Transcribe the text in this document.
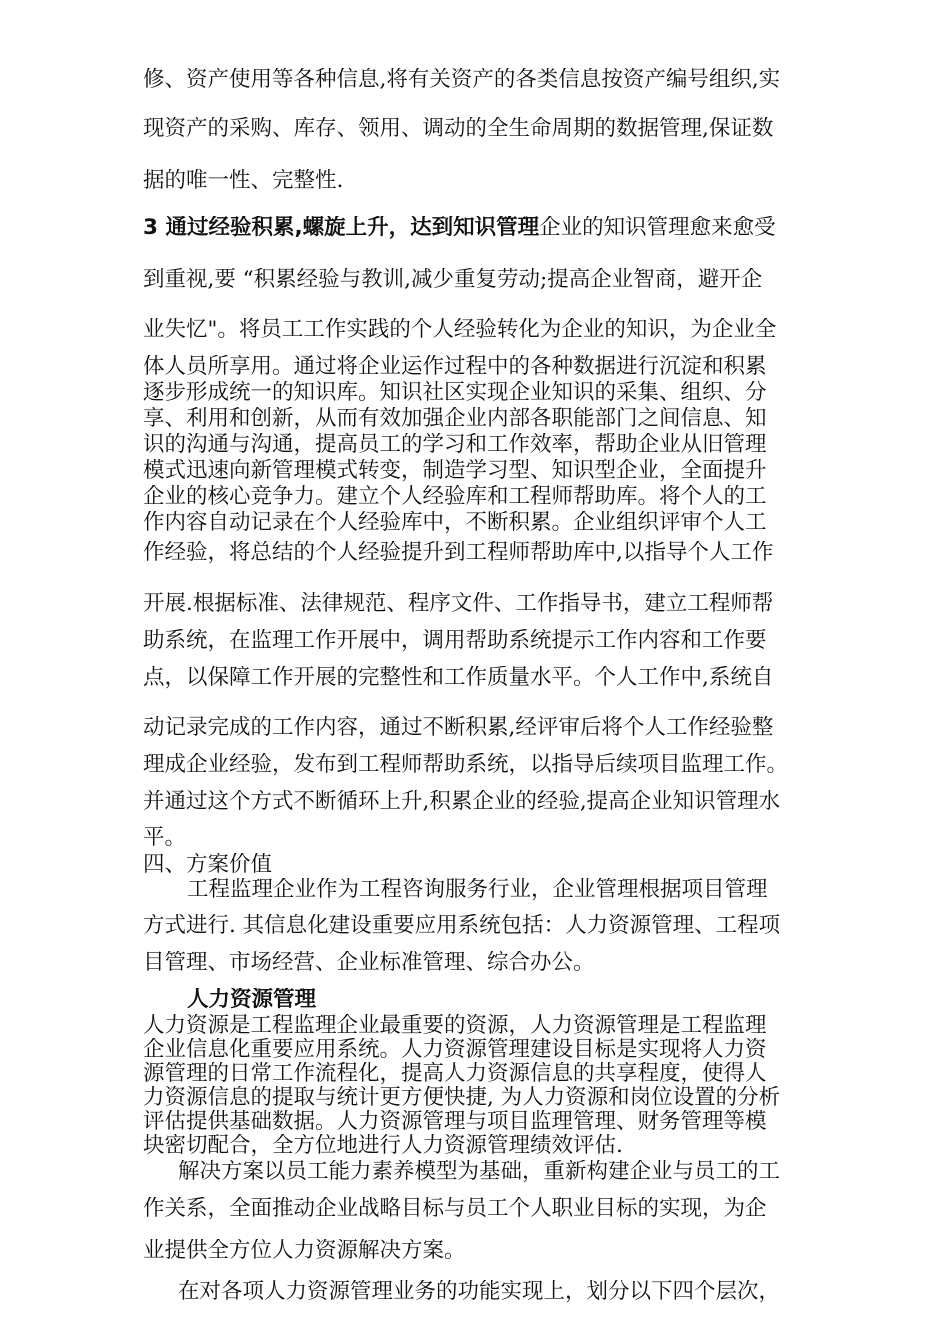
修、资产使用等各种信息,将有关资产的各类信息按资产编号组织,实
现资产的采购、库存、领用、调动的全生命周期的数据管理,保证数
据的唯一性、完整性.
3 通过经验积累,螺旋上升，达到知识管理企业的知识管理愈来愈受
到重视,要 “积累经验与教训,减少重复劳动;提高企业智商，避开企
业失忆"。将员工工作实践的个人经验转化为企业的知识，为企业全
体人员所享用。通过将企业运作过程中的各种数据进行沉淀和积累
逐步形成统一的知识库。知识社区实现企业知识的采集、组织、分
享、利用和创新，从而有效加强企业内部各职能部门之间信息、知
识的沟通与沟通，提高员工的学习和工作效率，帮助企业从旧管理
模式迅速向新管理模式转变，制造学习型、知识型企业，全面提升
企业的核心竞争力。建立个人经验库和工程师帮助库。将个人的工
作内容自动记录在个人经验库中，不断积累。企业组织评审个人工
作经验，将总结的个人经验提升到工程师帮助库中,以指导个人工作
开展.根据标准、法律规范、程序文件、工作指导书，建立工程师帮
助系统，在监理工作开展中，调用帮助系统提示工作内容和工作要
点，以保障工作开展的完整性和工作质量水平。个人工作中,系统自
动记录完成的工作内容，通过不断积累,经评审后将个人工作经验整
理成企业经验，发布到工程师帮助系统，以指导后续项目监理工作。
并通过这个方式不断循环上升,积累企业的经验,提高企业知识管理水
平。
四、方案价值
工程监理企业作为工程咨询服务行业，企业管理根据项目管理
方式进行. 其信息化建设重要应用系统包括：人力资源管理、工程项
目管理、市场经营、企业标准管理、综合办公。
人力资源管理
人力资源是工程监理企业最重要的资源，人力资源管理是工程监理
企业信息化重要应用系统。人力资源管理建设目标是实现将人力资
源管理的日常工作流程化，提高人力资源信息的共享程度，使得人
力资源信息的提取与统计更方便快捷, 为人力资源和岗位设置的分析
评估提供基础数据。人力资源管理与项目监理管理、财务管理等模
块密切配合，全方位地进行人力资源管理绩效评估.
解决方案以员工能力素养模型为基础，重新构建企业与员工的工
作关系，全面推动企业战略目标与员工个人职业目标的实现，为企
业提供全方位人力资源解决方案。
在对各项人力资源管理业务的功能实现上，划分以下四个层次，
